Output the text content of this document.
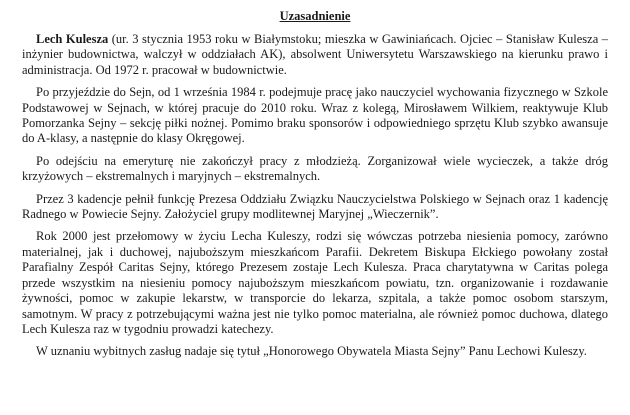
Uzasadnienie

Lech Kulesza (ur. 3 stycznia 1953 roku w Białymstoku; mieszka w Gawiniańcach. Ojciec – Stanisław Kulesza – inżynier budownictwa, walczył w oddziałach AK), absolwent Uniwersytetu Warszawskiego na kierunku prawo i administracja. Od 1972 r. pracował w budownictwie.

Po przyjeździe do Sejn, od 1 września 1984 r. podejmuje pracę jako nauczyciel wychowania fizycznego w Szkole Podstawowej w Sejnach, w której pracuje do 2010 roku. Wraz z kolegą, Mirosławem Wilkiem, reaktywuje Klub Pomorzanka Sejny – sekcję piłki nożnej. Pomimo braku sponsorów i odpowiedniego sprzętu Klub szybko awansuje do A-klasy, a następnie do klasy Okręgowej.

Po odejściu na emeryturę nie zakończył pracy z młodzieżą. Zorganizował wiele wycieczek, a także dróg krzyżowych – ekstremalnych i maryjnych – ekstremalnych.

Przez 3 kadencje pełnił funkcję Prezesa Oddziału Związku Nauczycielstwa Polskiego w Sejnach oraz 1 kadencję Radnego w Powiecie Sejny. Założyciel grupy modlitewnej Maryjnej „Wieczernik”.

Rok 2000 jest przełomowy w życiu Lecha Kuleszy, rodzi się wówczas potrzeba niesienia pomocy, zarówno materialnej, jak i duchowej, najuboższym mieszkańcom Parafii. Dekretem Biskupa Ełckiego powołany został Parafialny Zespół Caritas Sejny, którego Prezesem zostaje Lech Kulesza. Praca charytatywna w Caritas polega przede wszystkim na niesieniu pomocy najuboższym mieszkańcom powiatu, tzn. organizowanie i rozdawanie żywności, pomoc w zakupie lekarstw, w transporcie do lekarza, szpitala, a także pomoc osobom starszym, samotnym. W pracy z potrzebującymi ważna jest nie tylko pomoc materialna, ale również pomoc duchowa, dlatego Lech Kulesza raz w tygodniu prowadzi katechezy.

W uznaniu wybitnych zasług nadaje się tytuł „Honorowego Obywatela Miasta Sejny” Panu Lechowi Kuleszy.
